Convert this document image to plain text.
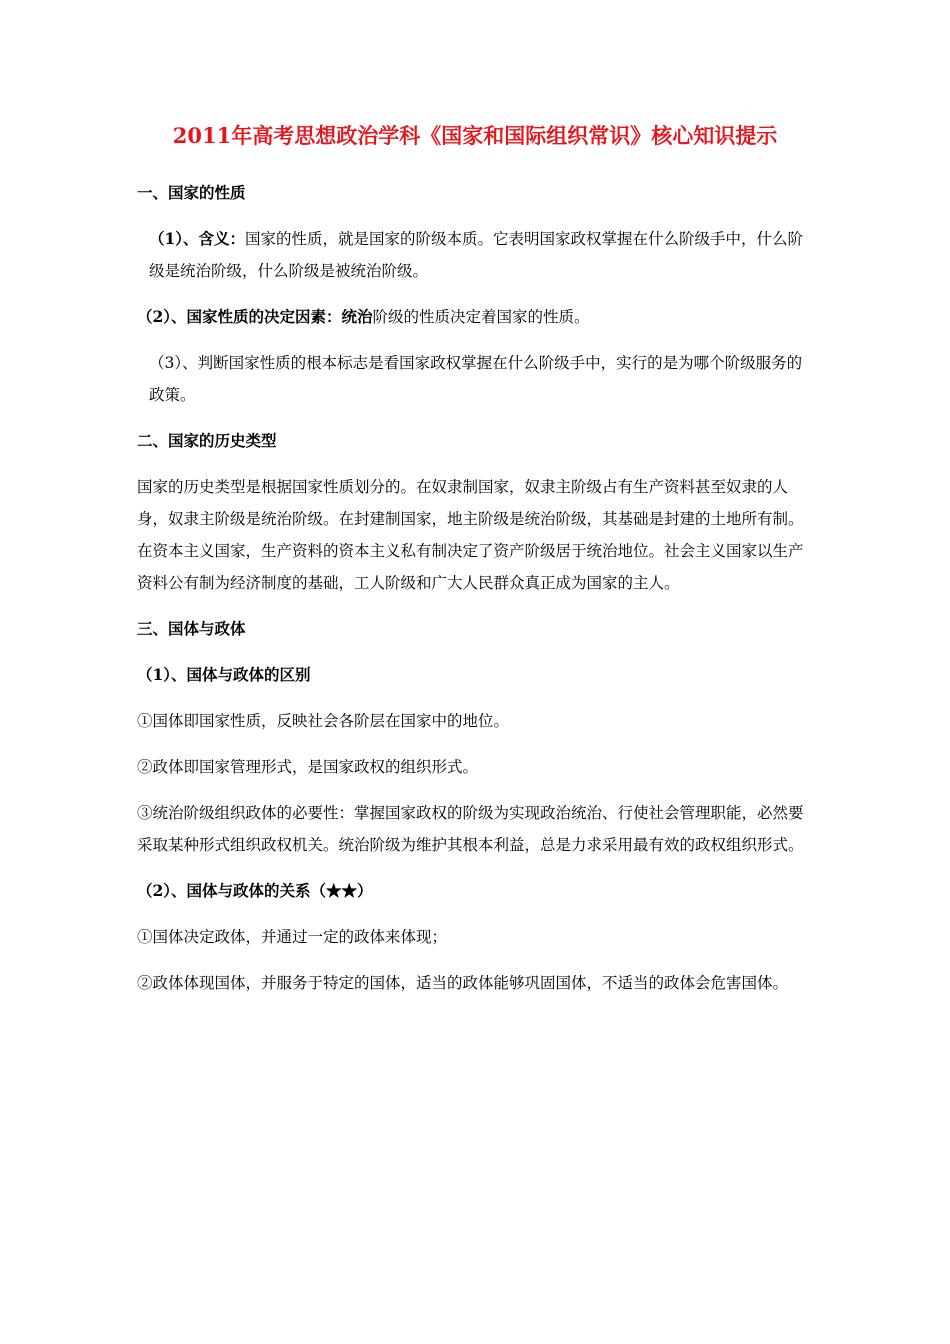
2011年高考思想政治学科《国家和国际组织常识》核心知识提示
一、国家的性质
（1）、含义：国家的性质，就是国家的阶级本质。它表明国家政权掌握在什么阶级手中，什么阶级是统治阶级，什么阶级是被统治阶级。
（2）、国家性质的决定因素：统治阶级的性质决定着国家的性质。
（3）、判断国家性质的根本标志是看国家政权掌握在什么阶级手中，实行的是为哪个阶级服务的政策。
二、国家的历史类型
国家的历史类型是根据国家性质划分的。在奴隶制国家，奴隶主阶级占有生产资料甚至奴隶的人身，奴隶主阶级是统治阶级。在封建制国家，地主阶级是统治阶级，其基础是封建的土地所有制。在资本主义国家，生产资料的资本主义私有制决定了资产阶级居于统治地位。社会主义国家以生产资料公有制为经济制度的基础，工人阶级和广大人民群众真正成为国家的主人。
三、国体与政体
（1）、国体与政体的区别
①国体即国家性质，反映社会各阶层在国家中的地位。
②政体即国家管理形式，是国家政权的组织形式。
③统治阶级组织政体的必要性：掌握国家政权的阶级为实现政治统治、行使社会管理职能，必然要采取某种形式组织政权机关。统治阶级为维护其根本利益，总是力求采用最有效的政权组织形式。
（2）、国体与政体的关系（★★）
①国体决定政体，并通过一定的政体来体现；
②政体体现国体，并服务于特定的国体，适当的政体能够巩固国体，不适当的政体会危害国体。
